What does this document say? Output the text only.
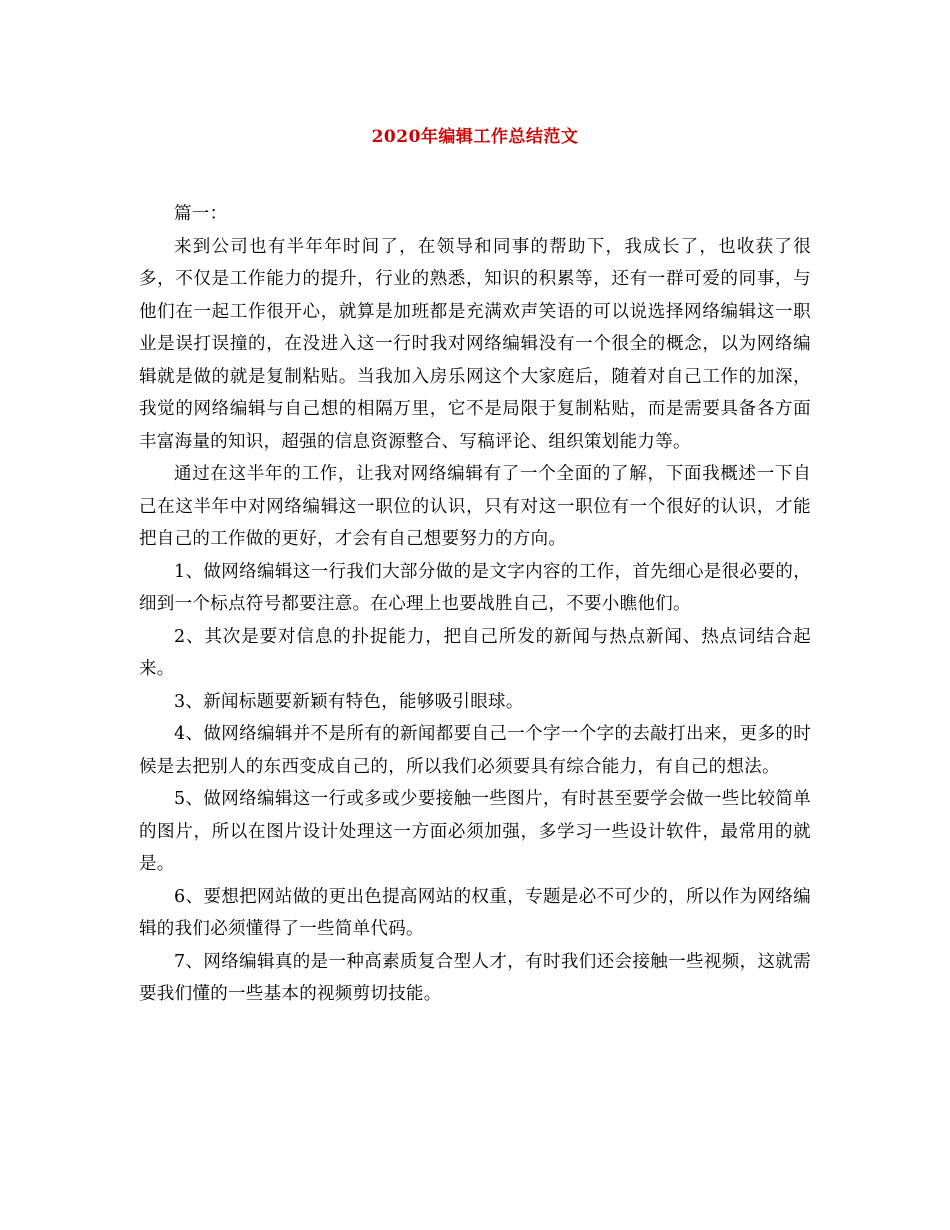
2020年编辑工作总结范文

篇一：

来到公司也有半年年时间了，在领导和同事的帮助下，我成长了，也收获了很多，不仅是工作能力的提升，行业的熟悉，知识的积累等，还有一群可爱的同事，与他们在一起工作很开心，就算是加班都是充满欢声笑语的可以说选择网络编辑这一职业是误打误撞的，在没进入这一行时我对网络编辑没有一个很全的概念，以为网络编辑就是做的就是复制粘贴。当我加入房乐网这个大家庭后，随着对自己工作的加深，我觉的网络编辑与自己想的相隔万里，它不是局限于复制粘贴，而是需要具备各方面丰富海量的知识，超强的信息资源整合、写稿评论、组织策划能力等。

通过在这半年的工作，让我对网络编辑有了一个全面的了解，下面我概述一下自己在这半年中对网络编辑这一职位的认识，只有对这一职位有一个很好的认识，才能把自己的工作做的更好，才会有自己想要努力的方向。

1、做网络编辑这一行我们大部分做的是文字内容的工作，首先细心是很必要的，细到一个标点符号都要注意。在心理上也要战胜自己，不要小瞧他们。

2、其次是要对信息的扑捉能力，把自己所发的新闻与热点新闻、热点词结合起来。

3、新闻标题要新颖有特色，能够吸引眼球。

4、做网络编辑并不是所有的新闻都要自己一个字一个字的去敲打出来，更多的时候是去把别人的东西变成自己的，所以我们必须要具有综合能力，有自己的想法。

5、做网络编辑这一行或多或少要接触一些图片，有时甚至要学会做一些比较简单的图片，所以在图片设计处理这一方面必须加强，多学习一些设计软件，最常用的就是。

6、要想把网站做的更出色提高网站的权重，专题是必不可少的，所以作为网络编辑的我们必须懂得了一些简单代码。

7、网络编辑真的是一种高素质复合型人才，有时我们还会接触一些视频，这就需要我们懂的一些基本的视频剪切技能。
